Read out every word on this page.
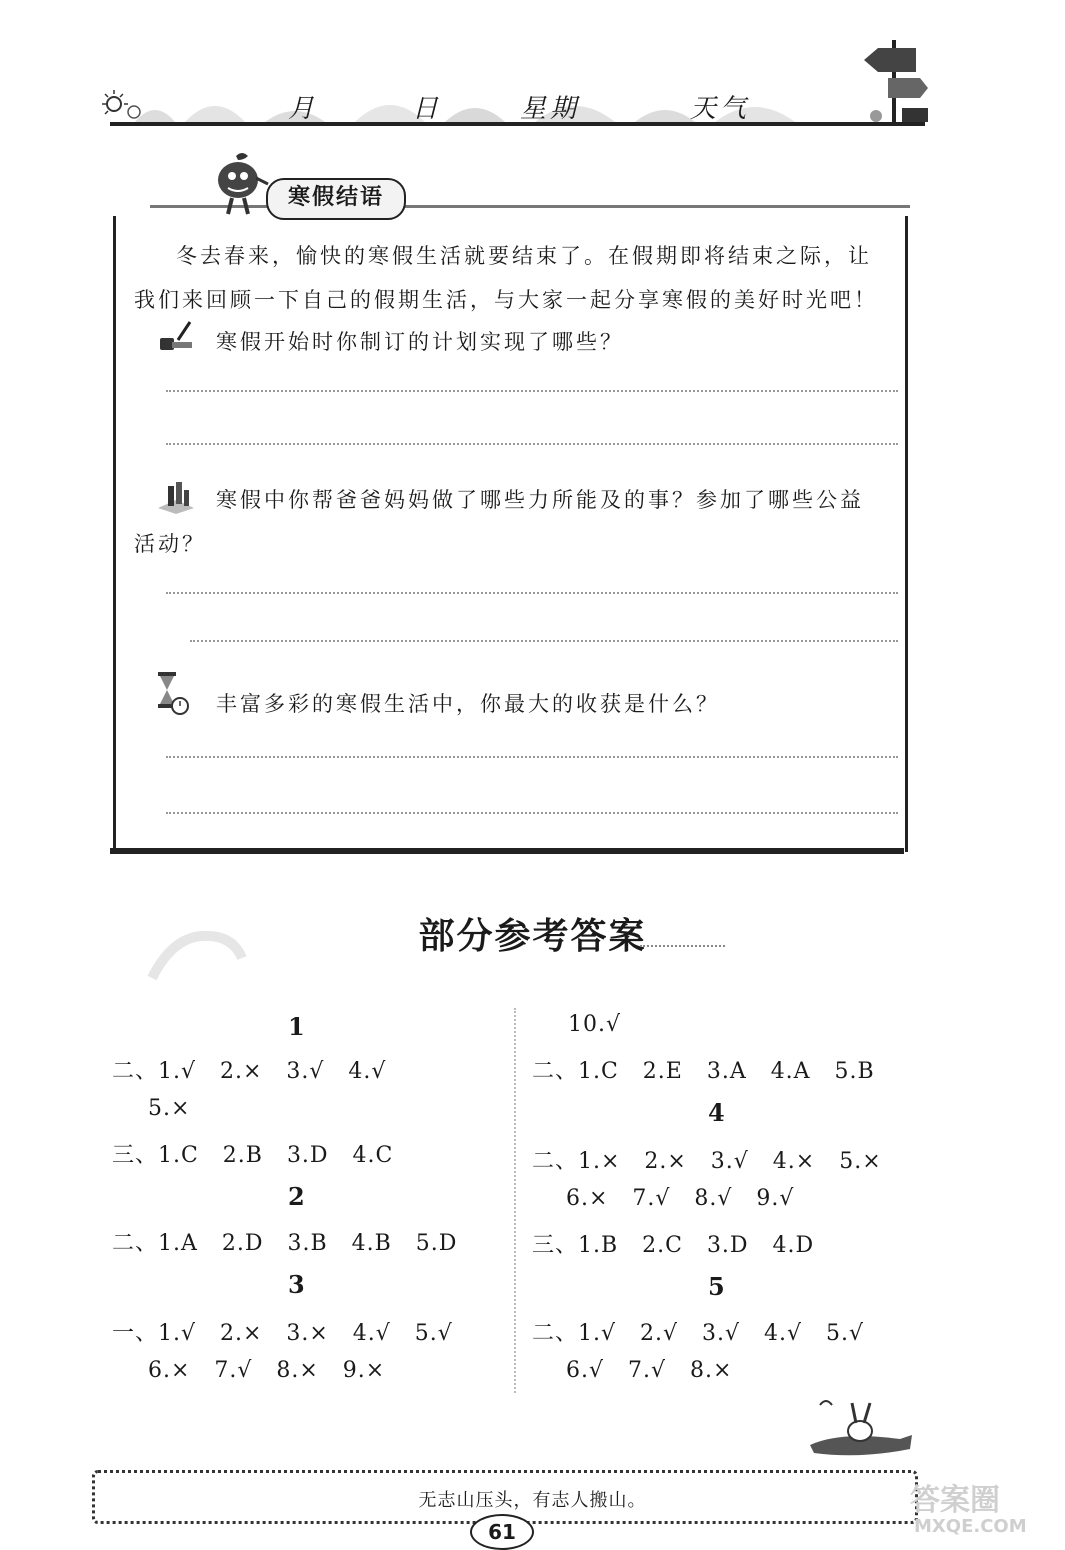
月	日	星期	天气
寒假结语
冬去春来，愉快的寒假生活就要结束了。在假期即将结束之际，让
我们来回顾一下自己的假期生活，与大家一起分享寒假的美好时光吧！
寒假开始时你制订的计划实现了哪些？
寒假中你帮爸爸妈妈做了哪些力所能及的事？参加了哪些公益
活动？
丰富多彩的寒假生活中，你最大的收获是什么？
部分参考答案
1
二、1.√   2.×   3.√   4.√
5.×
三、1.C   2.B   3.D   4.C
2
二、1.A   2.D   3.B   4.B   5.D
3
一、1.√   2.×   3.×   4.√   5.√
6.×   7.√   8.×   9.×
10.√
二、1.C   2.E   3.A   4.A   5.B
4
二、1.×   2.×   3.√   4.×   5.×
6.×   7.√   8.√   9.√
三、1.B   2.C   3.D   4.D
5
二、1.√   2.√   3.√   4.√   5.√
6.√   7.√   8.×
无志山压头，有志人搬山。
61
答案圈
MXQE.COM
